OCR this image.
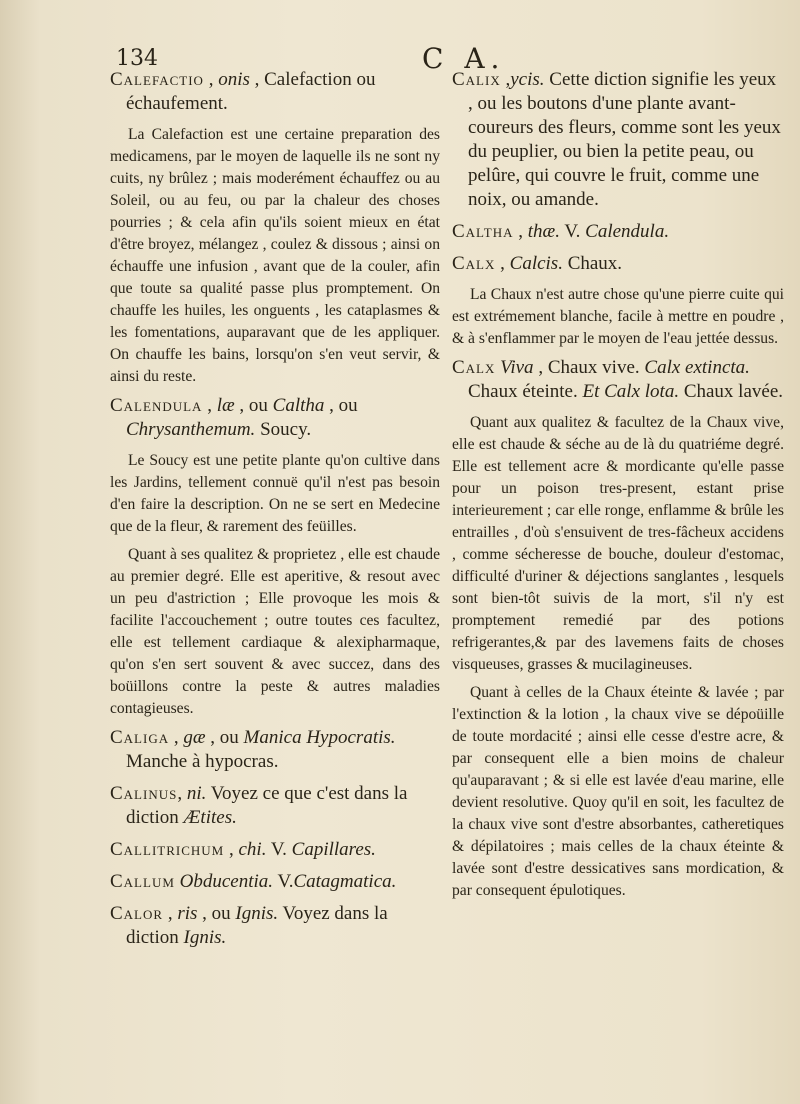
134	C A.
Calefactio , onis , Calefaction ou échaufement.
La Calefaction est une certaine preparation des medicamens, par le moyen de laquelle ils ne sont ny cuits, ny brûlez ; mais moderément échauffez ou au Soleil, ou au feu, ou par la chaleur des choses pourries ; & cela afin qu'ils soient mieux en état d'être broyez, mélangez , coulez & dissous ; ainsi on échauffe une infusion , avant que de la couler, afin que toute sa qualité passe plus promptement. On chauffe les huiles, les onguents , les cataplasmes & les fomentations, auparavant que de les appliquer. On chauffe les bains, lorsqu'on s'en veut servir, & ainsi du reste.
Calendula , læ , ou Caltha , ou Chrysanthemum. Soucy.
Le Soucy est une petite plante qu'on cultive dans les Jardins, tellement connuë qu'il n'est pas besoin d'en faire la description. On ne se sert en Medecine que de la fleur, & rarement des feüilles.
Quant à ses qualitez & proprietez , elle est chaude au premier degré. Elle est aperitive, & resout avec un peu d'astriction ; Elle provoque les mois & facilite l'accouchement ; outre toutes ces facultez, elle est tellement cardiaque & alexipharmaque, qu'on s'en sert souvent & avec succez, dans des boüillons contre la peste & autres maladies contagieuses.
Caliga , gæ , ou Manica Hypocratis. Manche à hypocras.
Calinus, ni. Voyez ce que c'est dans la diction Ætites.
Callitrichum , chi. V. Capillares.
Callum Obducentia. V.Catagmatica.
Calor , ris , ou Ignis. Voyez dans la diction Ignis.
Calix ,ycis. Cette diction signifie les yeux , ou les boutons d'une plante avant-coureurs des fleurs, comme sont les yeux du peuplier, ou bien la petite peau, ou pelûre, qui couvre le fruit, comme une noix, ou amande.
Caltha , thæ. V. Calendula.
Calx , Calcis. Chaux.
La Chaux n'est autre chose qu'une pierre cuite qui est extrémement blanche, facile à mettre en poudre , & à s'enflammer par le moyen de l'eau jettée dessus.
Calx Viva , Chaux vive. Calx extincta. Chaux éteinte. Et Calx lota. Chaux lavée.
Quant aux qualitez & facultez de la Chaux vive, elle est chaude & séche au de là du quatriéme degré. Elle est tellement acre & mordicante qu'elle passe pour un poison tres-present, estant prise interieurement ; car elle ronge, enflamme & brûle les entrailles , d'où s'ensuivent de tres-fâcheux accidens , comme sécheresse de bouche, douleur d'estomac, difficulté d'uriner & déjections sanglantes , lesquels sont bien-tôt suivis de la mort, s'il n'y est promptement remedié par des potions refrigerantes,& par des lavemens faits de choses visqueuses, grasses & mucilagineuses.
Quant à celles de la Chaux éteinte & lavée ; par l'extinction & la lotion , la chaux vive se dépoüille de toute mordacité ; ainsi elle cesse d'estre acre, & par consequent elle a bien moins de chaleur qu'auparavant ; & si elle est lavée d'eau marine, elle devient resolutive. Quoy qu'il en soit, les facultez de la chaux vive sont d'estre absorbantes, catheretiques & dépilatoires ; mais celles de la chaux éteinte & lavée sont d'estre dessicatives sans mordication, & par consequent épulotiques.
